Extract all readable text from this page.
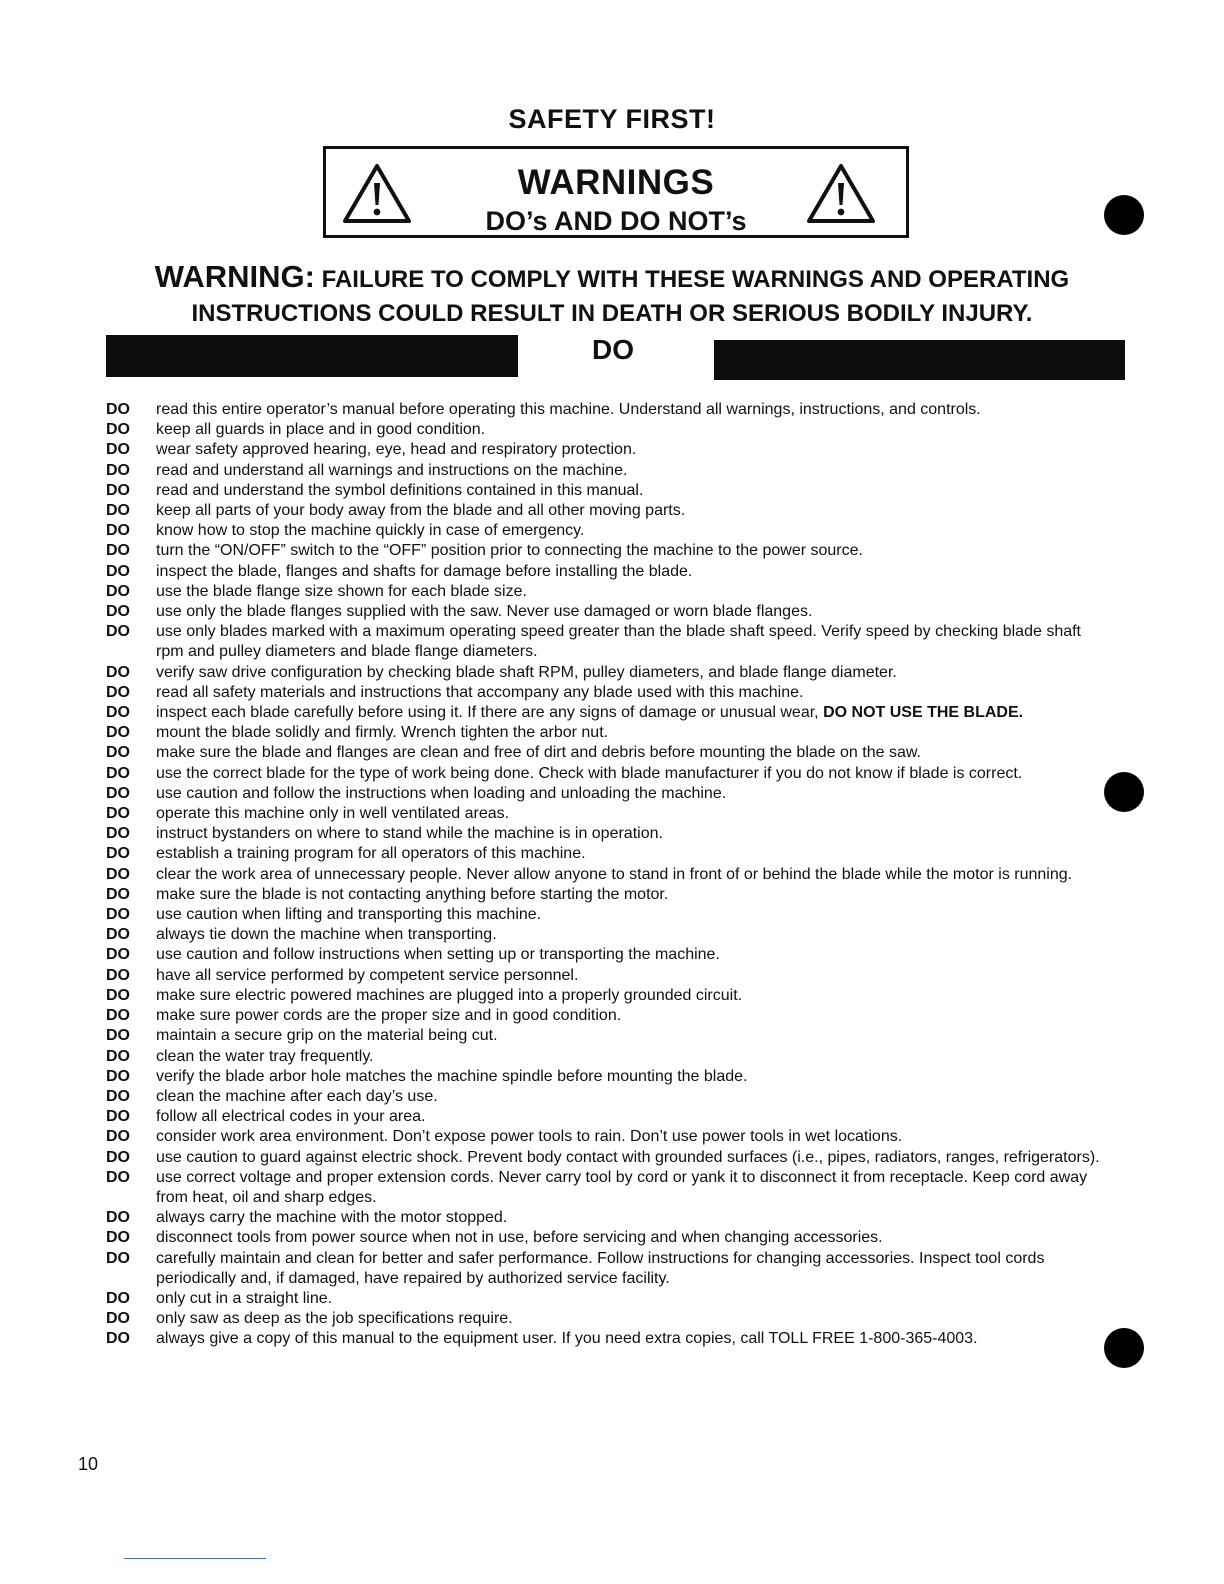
SAFETY FIRST!
WARNINGS
DO’s AND DO NOT’s
WARNING: FAILURE TO COMPLY WITH THESE WARNINGS AND OPERATING
INSTRUCTIONS COULD RESULT IN DEATH OR SERIOUS BODILY INJURY.
DO
DO read this entire operator’s manual before operating this machine. Understand all warnings, instructions, and controls.
DO keep all guards in place and in good condition.
DO wear safety approved hearing, eye, head and respiratory protection.
DO read and understand all warnings and instructions on the machine.
DO read and understand the symbol definitions contained in this manual.
DO keep all parts of your body away from the blade and all other moving parts.
DO know how to stop the machine quickly in case of emergency.
DO turn the “ON/OFF” switch to the “OFF” position prior to connecting the machine to the power source.
DO inspect the blade, flanges and shafts for damage before installing the blade.
DO use the blade flange size shown for each blade size.
DO use only the blade flanges supplied with the saw. Never use damaged or worn blade flanges.
DO use only blades marked with a maximum operating speed greater than the blade shaft speed. Verify speed by checking blade shaft rpm and pulley diameters and blade flange diameters.
DO verify saw drive configuration by checking blade shaft RPM, pulley diameters, and blade flange diameter.
DO read all safety materials and instructions that accompany any blade used with this machine.
DO inspect each blade carefully before using it. If there are any signs of damage or unusual wear, DO NOT USE THE BLADE.
DO mount the blade solidly and firmly. Wrench tighten the arbor nut.
DO make sure the blade and flanges are clean and free of dirt and debris before mounting the blade on the saw.
DO use the correct blade for the type of work being done. Check with blade manufacturer if you do not know if blade is correct.
DO use caution and follow the instructions when loading and unloading the machine.
DO operate this machine only in well ventilated areas.
DO instruct bystanders on where to stand while the machine is in operation.
DO establish a training program for all operators of this machine.
DO clear the work area of unnecessary people. Never allow anyone to stand in front of or behind the blade while the motor is running.
DO make sure the blade is not contacting anything before starting the motor.
DO use caution when lifting and transporting this machine.
DO always tie down the machine when transporting.
DO use caution and follow instructions when setting up or transporting the machine.
DO have all service performed by competent service personnel.
DO make sure electric powered machines are plugged into a properly grounded circuit.
DO make sure power cords are the proper size and in good condition.
DO maintain a secure grip on the material being cut.
DO clean the water tray frequently.
DO verify the blade arbor hole matches the machine spindle before mounting the blade.
DO clean the machine after each day’s use.
DO follow all electrical codes in your area.
DO consider work area environment. Don’t expose power tools to rain. Don’t use power tools in wet locations.
DO use caution to guard against electric shock. Prevent body contact with grounded surfaces (i.e., pipes, radiators, ranges, refrigerators).
DO use correct voltage and proper extension cords. Never carry tool by cord or yank it to disconnect it from receptacle. Keep cord away from heat, oil and sharp edges.
DO always carry the machine with the motor stopped.
DO disconnect tools from power source when not in use, before servicing and when changing accessories.
DO carefully maintain and clean for better and safer performance. Follow instructions for changing accessories. Inspect tool cords periodically and, if damaged, have repaired by authorized service facility.
DO only cut in a straight line.
DO only saw as deep as the job specifications require.
DO always give a copy of this manual to the equipment user. If you need extra copies, call TOLL FREE 1-800-365-4003.
10
